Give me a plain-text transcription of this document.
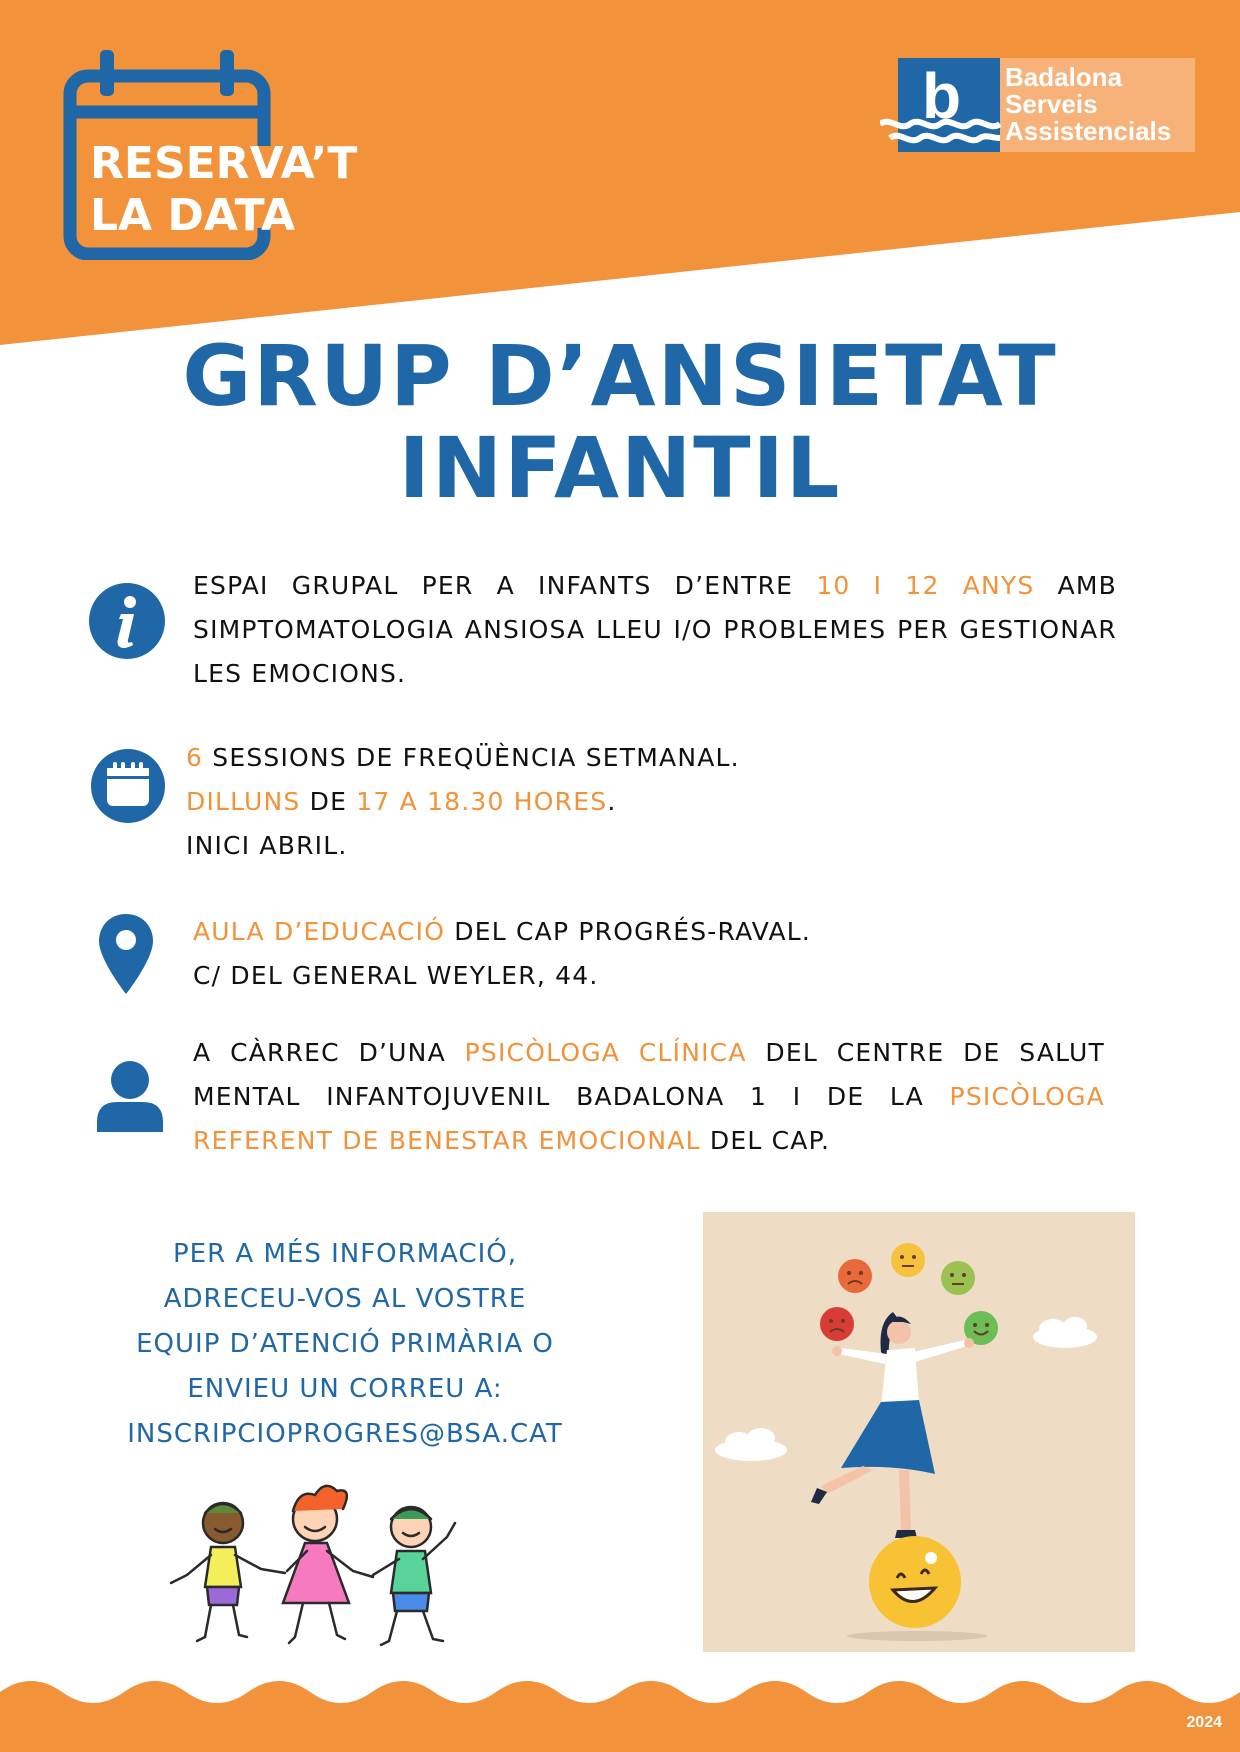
RESERVA’T
LA DATA
b Badalona
Serveis
Assistencials
GRUP D’ANSIETAT
INFANTIL
ESPAI GRUPAL PER A INFANTS D’ENTRE 10 I 12 ANYS AMB SIMPTOMATOLOGIA ANSIOSA LLEU I/O PROBLEMES PER GESTIONAR LES EMOCIONS.
6 SESSIONS DE FREQÜÈNCIA SETMANAL.
DILLUNS DE 17 A 18.30 HORES.
INICI ABRIL.
AULA D’EDUCACIÓ DEL CAP PROGRÉS-RAVAL.
C/ DEL GENERAL WEYLER, 44.
A CÀRREC D’UNA PSICÒLOGA CLÍNICA DEL CENTRE DE SALUT MENTAL INFANTOJUVENIL BADALONA 1 I DE LA PSICÒLOGA REFERENT DE BENESTAR EMOCIONAL DEL CAP.
PER A MÉS INFORMACIÓ,
ADRECEU-VOS AL VOSTRE
EQUIP D’ATENCIÓ PRIMÀRIA O
ENVIEU UN CORREU A:
INSCRIPCIOPROGRES@BSA.CAT
2024
